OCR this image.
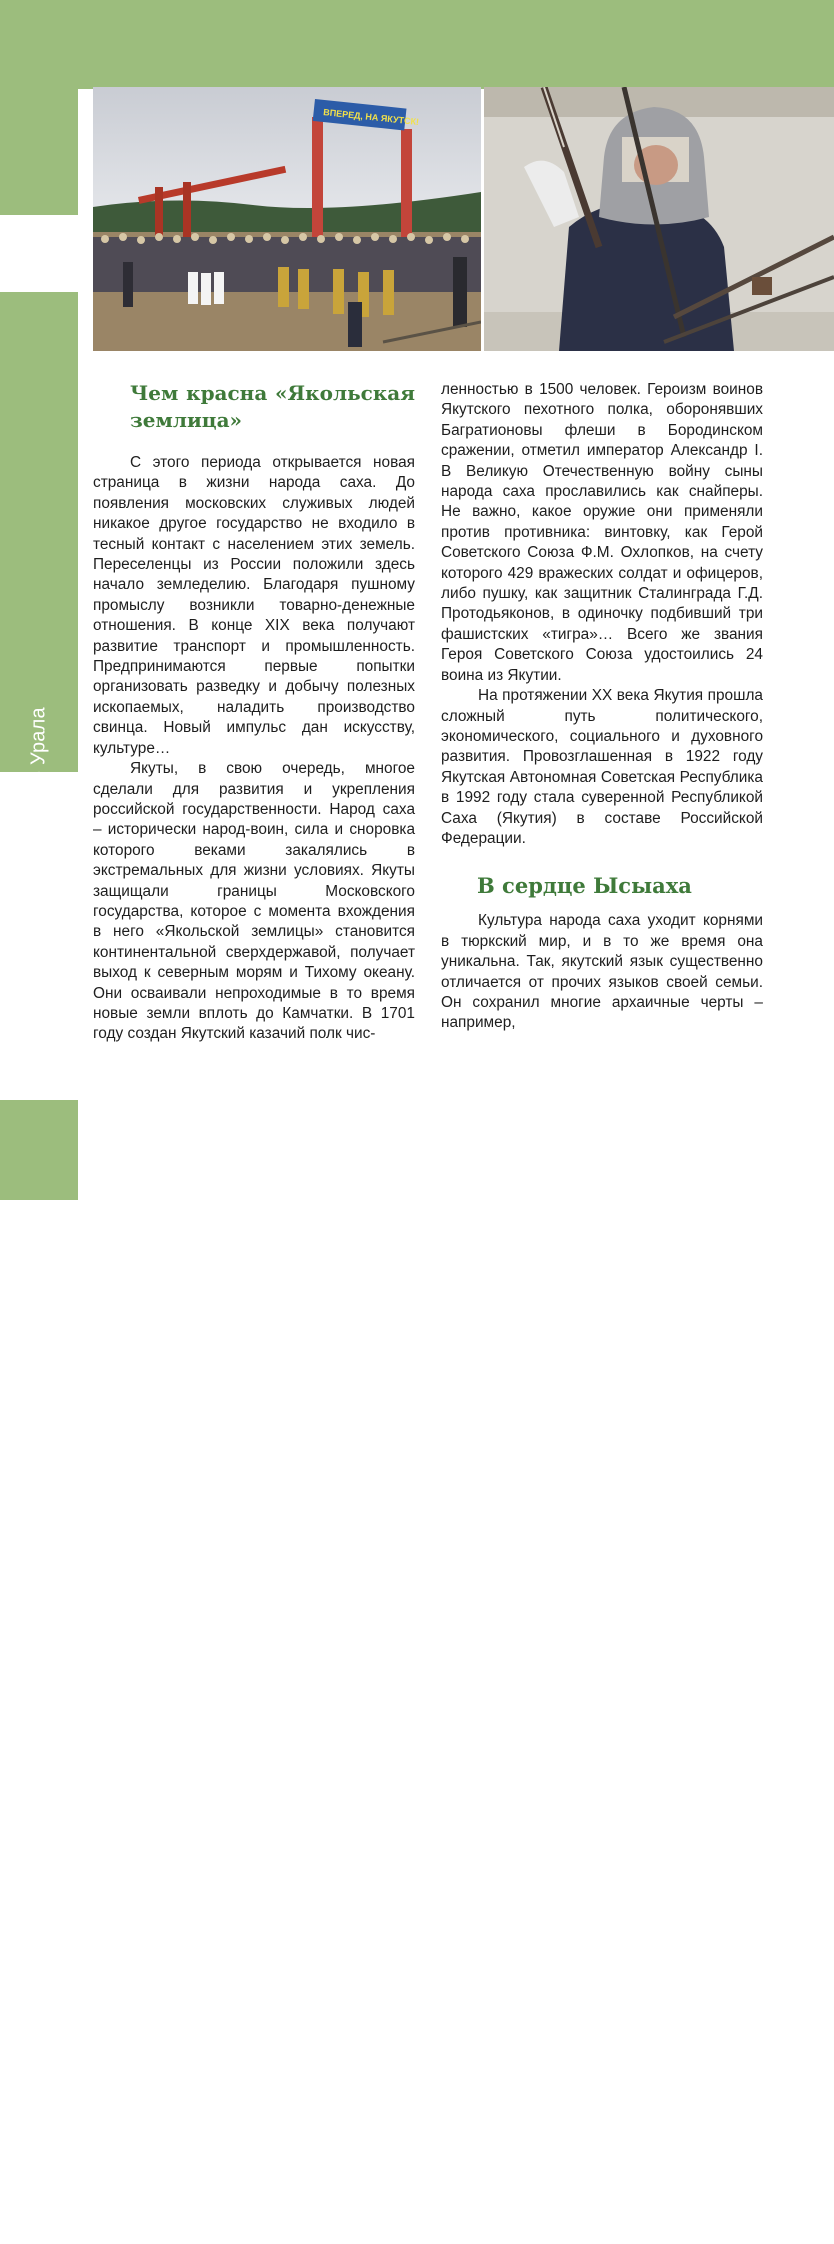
Народы Среднего Урала
4
ВПЕРЕД, НА ЯКУТСК!
Чем красна «Якольская землица»

С этого периода открывается новая страница в жизни народа саха. До появления московских служивых людей никакое другое государство не входило в тесный контакт с населением этих земель. Переселенцы из России положили здесь начало земледелию. Благодаря пушному промыслу возникли товарно-денежные отношения. В конце XIX века получают развитие транспорт и промышленность. Предпринимаются первые попытки организовать разведку и добычу полезных ископаемых, наладить производство свинца. Новый импульс дан искусству, культуре…

Якуты, в свою очередь, многое сделали для развития и укрепления российской государственности. Народ саха – исторически народ-воин, сила и сноровка которого веками закалялись в экстремальных для жизни условиях. Якуты защищали границы Московского государства, которое с момента вхождения в него «Якольской землицы» становится континентальной сверхдержавой, получает выход к северным морям и Тихому океану. Они осваивали непроходимые в то время новые земли вплоть до Камчатки. В 1701 году создан Якутский казачий полк чис-

ленностью в 1500 человек. Героизм воинов Якутского пехотного полка, оборонявших Багратионовы флеши в Бородинском сражении, отметил император Александр I. В Великую Отечественную войну сыны народа саха прославились как снайперы. Не важно, какое оружие они применяли против противника: винтовку, как Герой Советского Союза Ф.М. Охлопков, на счету которого 429 вражеских солдат и офицеров, либо пушку, как защитник Сталинграда Г.Д. Протодьяконов, в одиночку подбивший три фашистских «тигра»… Всего же звания Героя Советского Союза удостоились 24 воина из Якутии.

На протяжении XX века Якутия прошла сложный путь политического, экономического, социального и духовного развития. Провозглашенная в 1922 году Якутская Автономная Советская Республика в 1992 году стала суверенной Республикой Саха (Якутия) в составе Российской Федерации.

В сердце Ысыаха

Культура народа саха уходит корнями в тюркский мир, и в то же время она уникальна. Так, якутский язык существенно отличается от прочих языков своей семьи. Он сохранил многие архаичные черты – например,
